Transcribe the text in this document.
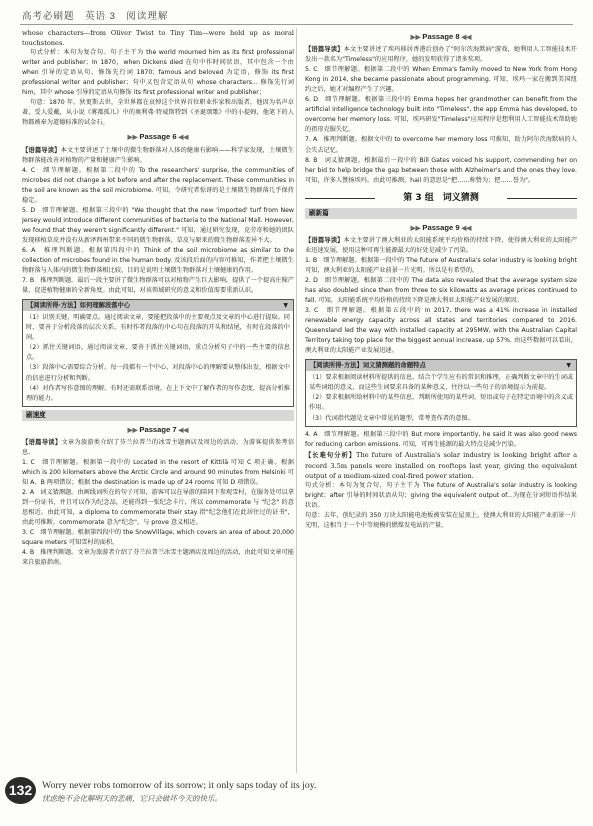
高考必刷题　英语 3　阅读理解

whose characters—from Oliver Twist to Tiny Tim—were held up as moral touchstones.

句式分析：本句为复合句。句子主干为 the world mourned him as its first professional writer and publisher；In 1870，when Dickens died 在句中作时间状语，其中包含一个由 when 引导的定语从句，修饰先行词 1870；famous and beloved 为定语，修饰 its first professional writer and publisher；句中又包含定语从句 whose characters... 修饰先行词 him，其中 whose 引导的定语从句修饰 its first professional writer and publisher；

句意：1870 年，狄更斯去世，全世界都在哀悼这个世界首位职业作家和出版者，他因为名声卓著，受人爱戴，从小说《雾都孤儿》中的奥利弗·特威斯特到《圣诞颂歌》中的小提姆，他笔下的人物都被奉为道德标准的试金石。

▶▶ Passage 6 ◀◀

【语篇导读】本文主要讲述了土壤中的微生物群落对人体的健康有影响——科学家发现，土壤微生物群落能改善对植物的产量和健康产生影响。

4. C　细节理解题。根据第二段中的 To the researchers' surprise, the communities of microbes did not change a lot before and after the replacement. These communities in the soil are known as the soil microbiome. 可知，令研究者惊讶的是土壤微生物群落几乎保持稳定。

5. D　细节理解题。根据第三段中的 "We thought that the new 'imported' turf from New Jersey would introduce different communities of bacteria to the National Mall. However, we found that they weren't significantly different." 可知，通过研究发现，克劳奇和她的团队发现移植草皮并没有从新泽西州带来不同的微生物群落，草皮与原来的微生物群落差异不大。

6. A　推理判断题。根据第四段中的 Think of the soil microbiome as similar to the collection of microbes found in the human body. 及该段后面的内容可推知，作者把土壤微生物群落与人体内的微生物群落相比较，目的是说明土壤微生物群落对土壤健康的作用。

7. B　推理判断题。最后一段主要讲了微生物群落可以对植物产生巨大影响，提供了一个提高庄稼产量、促进植物健康的全新角度。由此可知，对该领域研究的意义和价值需要重新认识。

【阅读所得·方法】如何理解段落中心	▼

（1）识别关键，明确要点。通过阅读文章，要能把段落中的主要观点及文章的中心进行提取。同时，要善于分析段落的层次关系，有时作者段落的中心句在段落的开头和结尾，有时在段落的中间。

（2）抓住关键词语。通过阅读文章，要善于抓住关键词语，重点分析句子中的一些主要的信息点。

（3）段落中心需要综合分析。每一段都有一个中心，对段落中心的理解要从整体出发，根据文中的信息进行分析和判断。

（4）对作者写作意图的理解。有时还需联系语境，在上下文中了解作者的写作态度，提高分析推理的能力。

刷速度
▶▶ Passage 7 ◀◀

【语篇导读】文章为旅游类介绍了芬兰拉普兰的冰雪主题酒店及周边的活动，为游客提供参考信息。

1. C　细节理解题。根据第一段中的 Located in the resort of Kittilä 可知 C 项正确。根据 which is 200 kilometers above the Arctic Circle and around 90 minutes from Helsinki 可知 A、B 两项错误；根据 the destination is made up of 24 rooms 可知 D 项错误。

2. A　词义猜测题。由画线词所在的句子可知，游客可以在导游的陪同下参观雪村，在服务处可以拿到一份证书，并且可以作为纪念品，还能得到一张纪念卡片，所以 commemorate 与 "纪念" 的意思相近。由此可知，a diploma to commemorate their stay 指"纪念他们在此居住过的证书"，由此可推断，commemorate 意为"纪念"，与 prove 意义相近。

3. C　细节理解题。根据第四段中的 the SnowVillage, which covers an area of about 20,000 square meters 可知雪村的面积。

4. B　推理判断题。文章为旅游者介绍了芬兰拉普兰冰雪主题酒店及周边的活动，由此可知文章可能来自旅游指南。

▶▶ Passage 8 ◀◀

【语篇导读】本文主要讲述了埃玛移居香港后创办了"阿尔茨海默病"游戏，她利用人工智能技术开发出一款名为"Timeless"的应用程序，她的发明获得了诸多奖项。

5. C　细节理解题。根据第二段中的 When Emma's family moved to New York from Hong Kong in 2014, she became passionate about programming. 可知，埃玛一家在搬到美国纽约之后，她才对编程产生了兴趣。

6. D　细节理解题。根据第三段中的 Emma hopes her grandmother can benefit from the artificial intelligence technology built into "Timeless", the app Emma has developed, to overcome her memory loss. 可知，埃玛研发"Timeless"应用程序是想利用人工智能技术帮助她的祖母克服失忆。

7. A　推理判断题。根据文中的 to overcome her memory loss 可推知，助力阿尔茨海默病的人会失去记忆。

8. B　词义猜测题。根据最后一段中的 Bill Gates voiced his support, commending her on her bid to help bridge the gap between those with Alzheimer's and the ones they love. 可知，许多人赞扬埃玛。由此可推测，hail 的意思是"把……称赞为；把……誉为"。

第 3 组　词义猜测
刷新篇
▶▶ Passage 9 ◀◀

【语篇导读】本文主要讲了澳大利亚的太阳能系统平均价格的持续下降，使得澳大利亚的太阳能产业迅速发展，使用这种可再生能源最大的好处是减少了污染。

1. B　细节理解题。根据第一段中的 The future of Australia's solar industry is looking bright 可知，澳大利亚的太阳能产业前景一片光明。所以是有希望的。

2. D　细节理解题。根据第二段中的 The data also revealed that the average system size has also doubled since then from three to six kilowatts as average prices continued to fall. 可知，太阳能系统平均价格的持续下降是澳大利亚太阳能产业发展的原因。

3. C　细节理解题。根据第五段中的 In 2017, there was a 41% increase in installed renewable energy capacity across all states and territories compared to 2016. Queensland led the way with installed capacity at 295MW, with the Australian Capital Territory taking top place for the biggest annual increase, up 57%. 由这些数据可以看出，澳大利亚的太阳能产业发展迅速。

【阅读所得·方法】词义猜测题的命题特点	▼

（1）要求根据阅读材料所提供的信息，结合个学生应有的常识和推理，正确判断文章中的生词或某些词组的意义，而这些生词要求具备的某种意义，往往以一些句子的语境提示为前提。

（2）要求根据所给材料中的某些信息，判断所使用的某些词、短语或句子在特定语境中的含义或作用。

（3）代词指代题是文章中常见的题型，常考查作者的意图。

4. A　细节理解题。根据第三段中的 But more importantly, he said it was also good news for reducing carbon emissions. 可知，可再生能源的最大特点是减少污染。

【长难句分析】The future of Australia's solar industry is looking bright after a record 3.5m panels were installed on rooftops last year, giving the equivalent output of a medium-sized coal-fired power station.

句式分析：本句为复合句，句子主干为 The future of Australia's solar industry is looking bright；after 引导的时间状语从句；giving the equivalent output of...为现在分词短语作结果状语。

句意：去年，创纪录的 350 万块太阳能电池板被安装在屋顶上，使澳大利亚的太阳能产业前景一片光明，这相当于一个中等规模的燃煤发电站的产量。

132	Worry never robs tomorrow of its sorrow; it only saps today of its joy.
忧虑绝不会化解明天的悲痛，它只会破坏今天的快乐。
